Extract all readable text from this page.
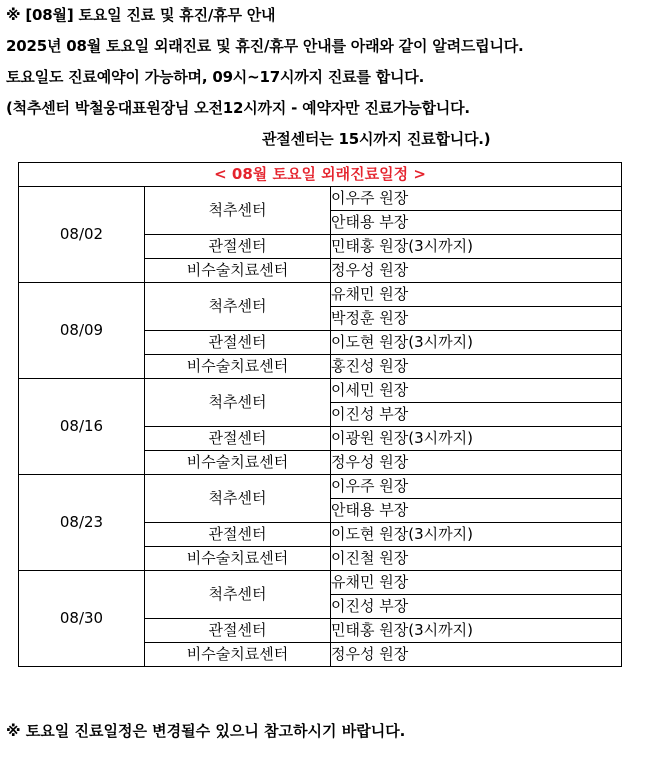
※ [08월] 토요일 진료 및 휴진/휴무 안내
2025년 08월 토요일 외래진료 및 휴진/휴무 안내를 아래와 같이 알려드립니다.
토요일도 진료예약이 가능하며, 09시~17시까지 진료를 합니다.
(척추센터 박철웅대표원장님 오전12시까지 - 예약자만 진료가능합니다.
관절센터는 15시까지 진료합니다.)
< 08월 토요일 외래진료일정 >		
08/02	척추센터	이우주 원장
		안태용 부장
	관절센터	민태홍 원장(3시까지)
	비수술치료센터	정우성 원장
08/09	척추센터	유채민 원장
		박정훈 원장
	관절센터	이도현 원장(3시까지)
	비수술치료센터	홍진성 원장
08/16	척추센터	이세민 원장
		이진성 부장
	관절센터	이광원 원장(3시까지)
	비수술치료센터	정우성 원장
08/23	척추센터	이우주 원장
		안태용 부장
	관절센터	이도현 원장(3시까지)
	비수술치료센터	이진철 원장
08/30	척추센터	유채민 원장
		이진성 부장
	관절센터	민태홍 원장(3시까지)
	비수술치료센터	정우성 원장
※ 토요일 진료일정은 변경될수 있으니 참고하시기 바랍니다.
